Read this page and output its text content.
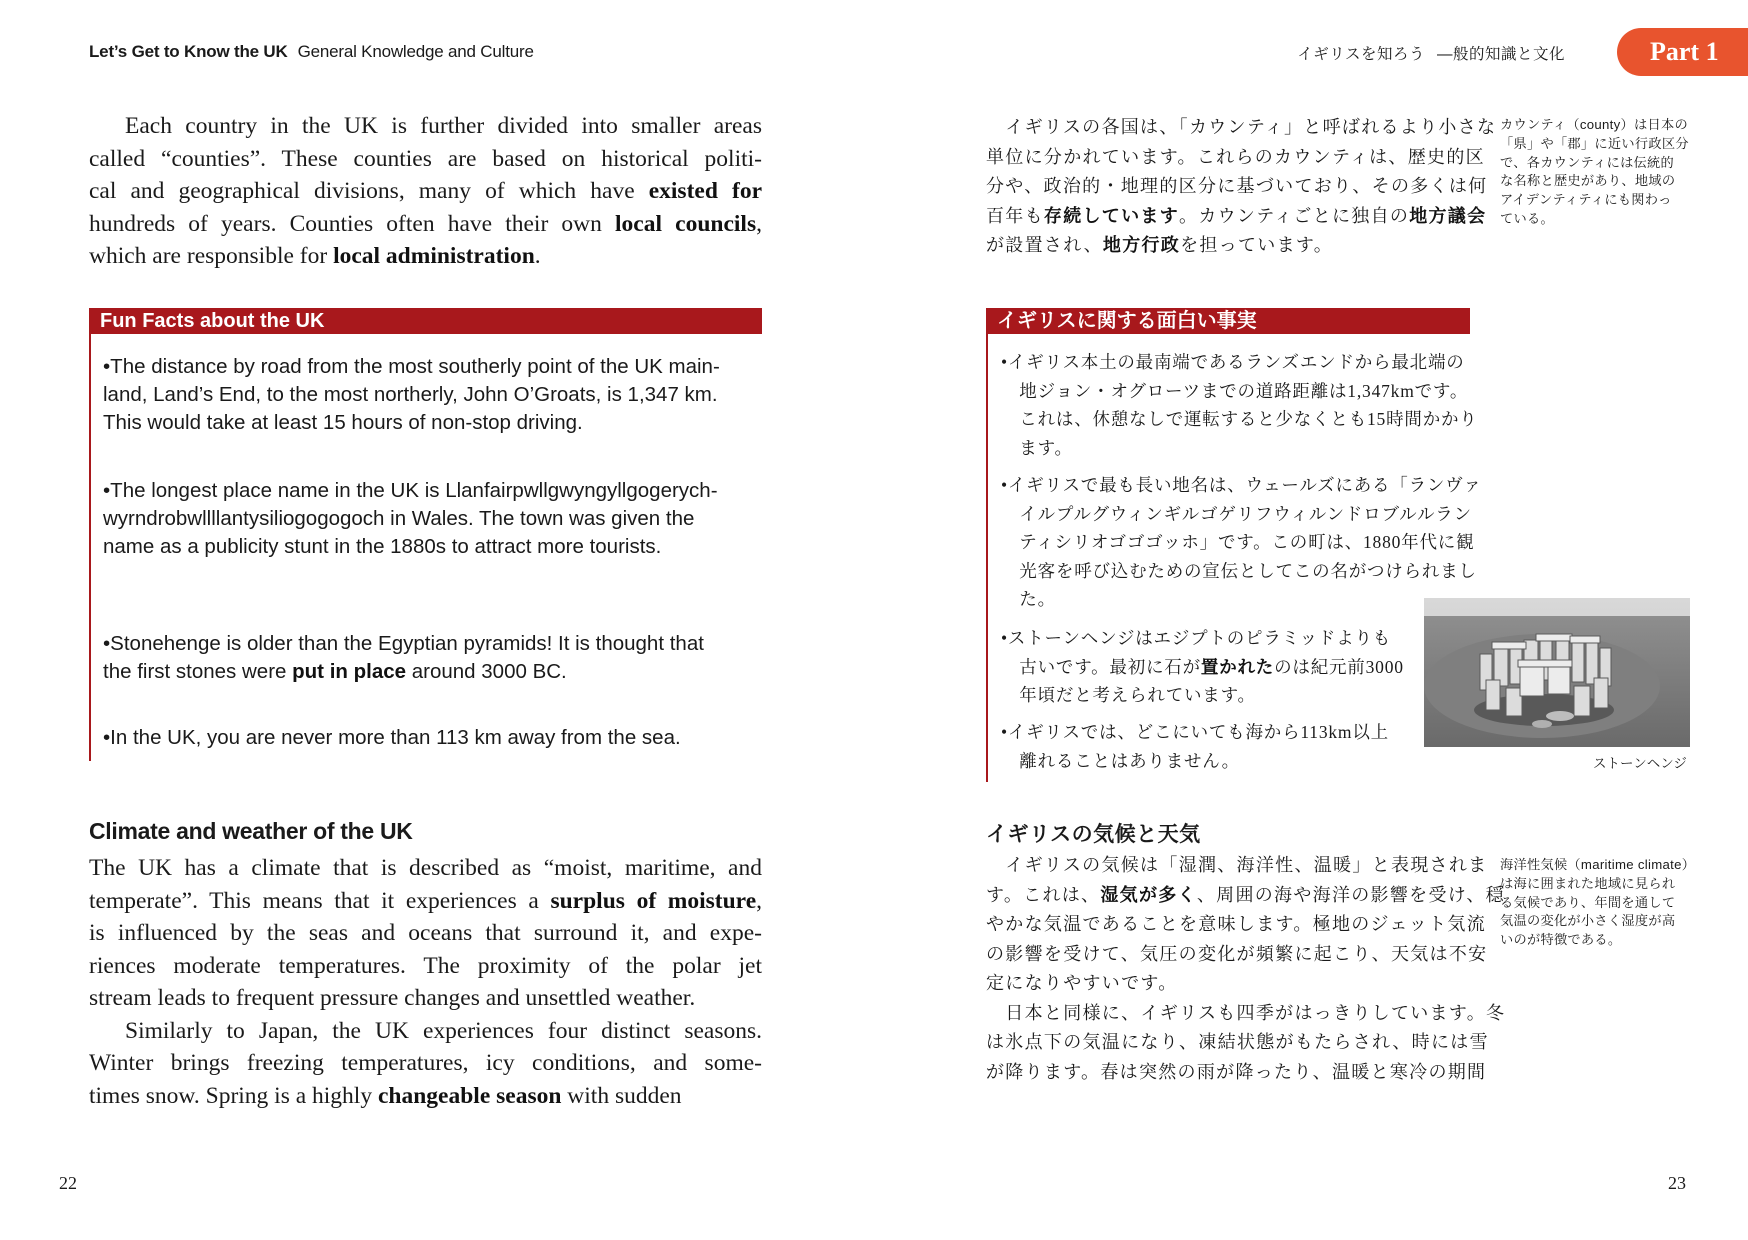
Let’s Get to Know the UK General Knowledge and Culture	イギリスを知ろう ―般的知識と文化	Part 1
Each country in the UK is further divided into smaller areas
called “counties”. These counties are based on historical politi-
cal and geographical divisions, many of which have existed for
hundreds of years. Counties often have their own local councils,
which are responsible for local administration.
Fun Facts about the UK
•The distance by road from the most southerly point of the UK main-
land, Land’s End, to the most northerly, John O’Groats, is 1,347 km.
This would take at least 15 hours of non-stop driving.
•The longest place name in the UK is Llanfairpwllgwyngyllgogerych-
wyrndrobwllllantysiliogogogoch in Wales. The town was given the
name as a publicity stunt in the 1880s to attract more tourists.
•Stonehenge is older than the Egyptian pyramids! It is thought that
the first stones were put in place around 3000 BC.
•In the UK, you are never more than 113 km away from the sea.
Climate and weather of the UK
The UK has a climate that is described as “moist, maritime, and
temperate”. This means that it experiences a surplus of moisture,
is influenced by the seas and oceans that surround it, and expe-
riences moderate temperatures. The proximity of the polar jet
stream leads to frequent pressure changes and unsettled weather.
Similarly to Japan, the UK experiences four distinct seasons.
Winter brings freezing temperatures, icy conditions, and some-
times snow. Spring is a highly changeable season with sudden
22
　イギリスの各国は、「カウンティ」と呼ばれるより小さな
単位に分かれています。これらのカウンティは、歴史的区
分や、政治的・地理的区分に基づいており、その多くは何
百年も存続しています。カウンティごとに独自の地方議会
が設置され、地方行政を担っています。
カウンティ（county）は日本の
「県」や「郡」に近い行政区分
で、各カウンティには伝統的
な名称と歴史があり、地域の
アイデンティティにも関わっ
ている。
イギリスに関する面白い事実
•イギリス本土の最南端であるランズエンドから最北端の
　地ジョン・オグローツまでの道路距離は1,347kmです。
　これは、休憩なしで運転すると少なくとも15時間かかり
　ます。
•イギリスで最も長い地名は、ウェールズにある「ランヴァ
　イルプルグウィンギルゴゲリフウィルンドロブルルラン
　ティシリオゴゴゴッホ」です。この町は、1880年代に観
　光客を呼び込むための宣伝としてこの名がつけられまし
　た。
•ストーンヘンジはエジプトのピラミッドよりも
　古いです。最初に石が置かれたのは紀元前3000
　年頃だと考えられています。
•イギリスでは、どこにいても海から113km以上
　離れることはありません。	ストーンヘンジ
イギリスの気候と天気
　イギリスの気候は「湿潤、海洋性、温暖」と表現されま
す。これは、湿気が多く、周囲の海や海洋の影響を受け、穏
やかな気温であることを意味します。極地のジェット気流
の影響を受けて、気圧の変化が頻繁に起こり、天気は不安
定になりやすいです。
　日本と同様に、イギリスも四季がはっきりしています。冬
は氷点下の気温になり、凍結状態がもたらされ、時には雪
が降ります。春は突然の雨が降ったり、温暖と寒冷の期間
海洋性気候（maritime climate）
は海に囲まれた地域に見られ
る気候であり、年間を通して
気温の変化が小さく湿度が高
いのが特徴である。
23
